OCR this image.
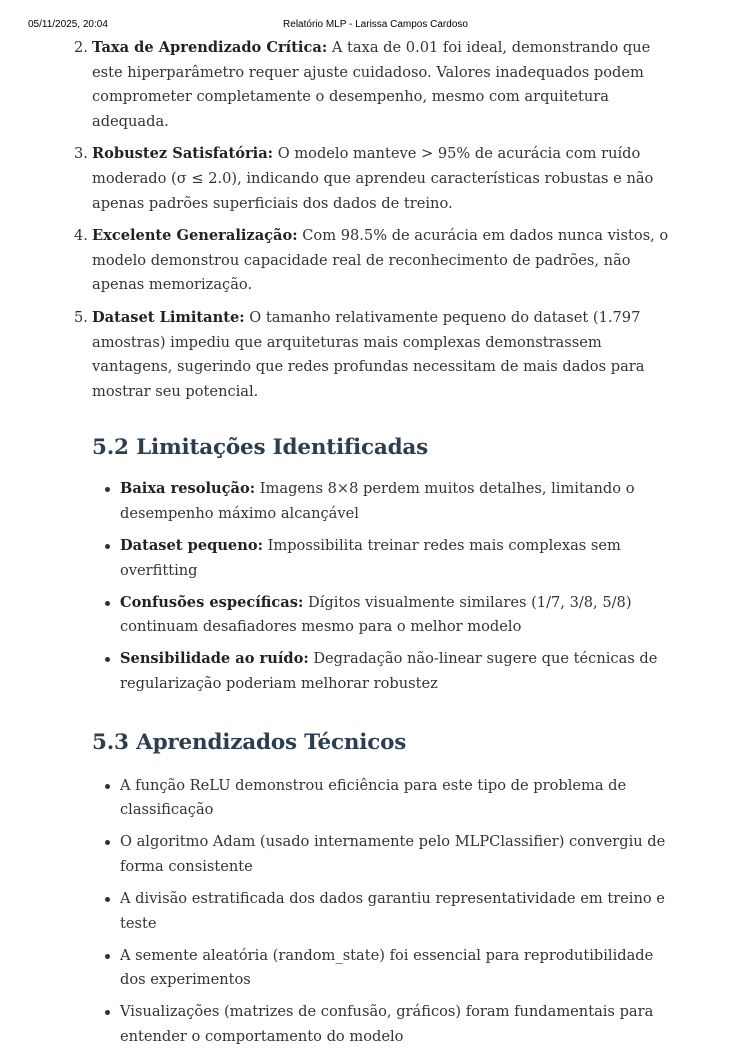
05/11/2025, 20:04	Relatório MLP - Larissa Campos Cardoso
2. Taxa de Aprendizado Crítica: A taxa de 0.01 foi ideal, demonstrando que este hiperparâmetro requer ajuste cuidadoso. Valores inadequados podem comprometer completamente o desempenho, mesmo com arquitetura adequada.
3. Robustez Satisfatória: O modelo manteve > 95% de acurácia com ruído moderado (σ ≤ 2.0), indicando que aprendeu características robustas e não apenas padrões superficiais dos dados de treino.
4. Excelente Generalização: Com 98.5% de acurácia em dados nunca vistos, o modelo demonstrou capacidade real de reconhecimento de padrões, não apenas memorização.
5. Dataset Limitante: O tamanho relativamente pequeno do dataset (1.797 amostras) impediu que arquiteturas mais complexas demonstrassem vantagens, sugerindo que redes profundas necessitam de mais dados para mostrar seu potencial.
5.2 Limitações Identificadas
Baixa resolução: Imagens 8×8 perdem muitos detalhes, limitando o desempenho máximo alcançável
Dataset pequeno: Impossibilita treinar redes mais complexas sem overfitting
Confusões específicas: Dígitos visualmente similares (1/7, 3/8, 5/8) continuam desafiadores mesmo para o melhor modelo
Sensibilidade ao ruído: Degradação não-linear sugere que técnicas de regularização poderiam melhorar robustez
5.3 Aprendizados Técnicos
A função ReLU demonstrou eficiência para este tipo de problema de classificação
O algoritmo Adam (usado internamente pelo MLPClassifier) convergiu de forma consistente
A divisão estratificada dos dados garantiu representatividade em treino e teste
A semente aleatória (random_state) foi essencial para reprodutibilidade dos experimentos
Visualizações (matrizes de confusão, gráficos) foram fundamentais para entender o comportamento do modelo
